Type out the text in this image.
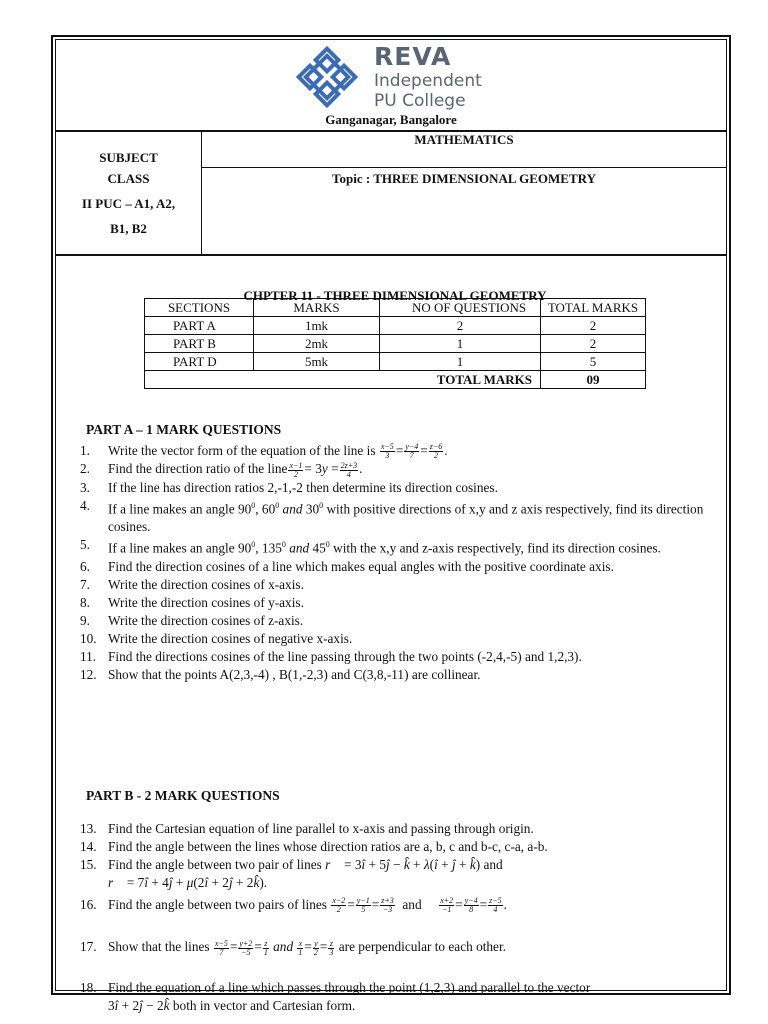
REVA
Independent
PU College
Ganganagar, Bangalore
SUBJECT
MATHEMATICS
CLASS
II PUC – A1, A2,
B1, B2
Topic : THREE DIMENSIONAL GEOMETRY
CHPTER 11 - THREE DIMENSIONAL GEOMETRY
SECTIONS	MARKS	NO OF QUESTIONS	TOTAL MARKS
PART A	1mk	2	2
PART B	2mk	1	2
PART D	5mk	1	5
TOTAL MARKS			09
PART A – 1 MARK QUESTIONS
1. Write the vector form of the equation of the line is $\frac{x-5}{3} = \frac{y-4}{7} = \frac{z-6}{2}$ .
2. Find the direction ratio of the line $\frac{x-1}{2} = 3y = \frac{2z+3}{4}$ .
3. If the line has direction ratios 2,-1,-2 then determine its direction cosines.
4. If a line makes an angle $90^0$, $60^0$ and $30^0$ with positive directions of x,y and z axis respectively, find its direction cosines.
5. If a line makes an angle $90^0$, $135^0$ and $45^0$ with the x,y and z-axis respectively, find its direction cosines.
6. Find the direction cosines of a line which makes equal angles with the positive coordinate axis.
7. Write the direction cosines of x-axis.
8. Write the direction cosines of y-axis.
9. Write the direction cosines of z-axis.
10. Write the direction cosines of negative x-axis.
11. Find the directions cosines of the line passing through the two points (-2,4,-5) and 1,2,3).
12. Show that the points A(2,3,-4) , B(1,-2,3) and C(3,8,-11) are collinear.
PART B - 2 MARK QUESTIONS
13. Find the Cartesian equation of line parallel to x-axis and passing through origin.
14. Find the angle between the lines whose direction ratios are a, b, c and b-c, c-a, a-b.
15. Find the angle between two pair of lines r⃗ = 3î + 5ĵ − k̂ + λ(î + ĵ + k̂) and
r⃗ = 7î + 4ĵ + μ(2î + 2ĵ + 2k̂).
16. Find the angle between two pairs of lines $\frac{x-2}{2} = \frac{y-1}{5} = \frac{z+3}{-3}$ and $\frac{x+2}{-1} = \frac{y-4}{8} = \frac{z-5}{4}$ .
17. Show that the lines $\frac{x-5}{7} = \frac{y+2}{-5} = \frac{z}{1}$ and $\frac{x}{1} = \frac{y}{2} = \frac{z}{3}$ are perpendicular to each other.
18. Find the equation of a line which passes through the point (1,2,3) and parallel to the vector
3î + 2ĵ − 2k̂ both in vector and Cartesian form.
